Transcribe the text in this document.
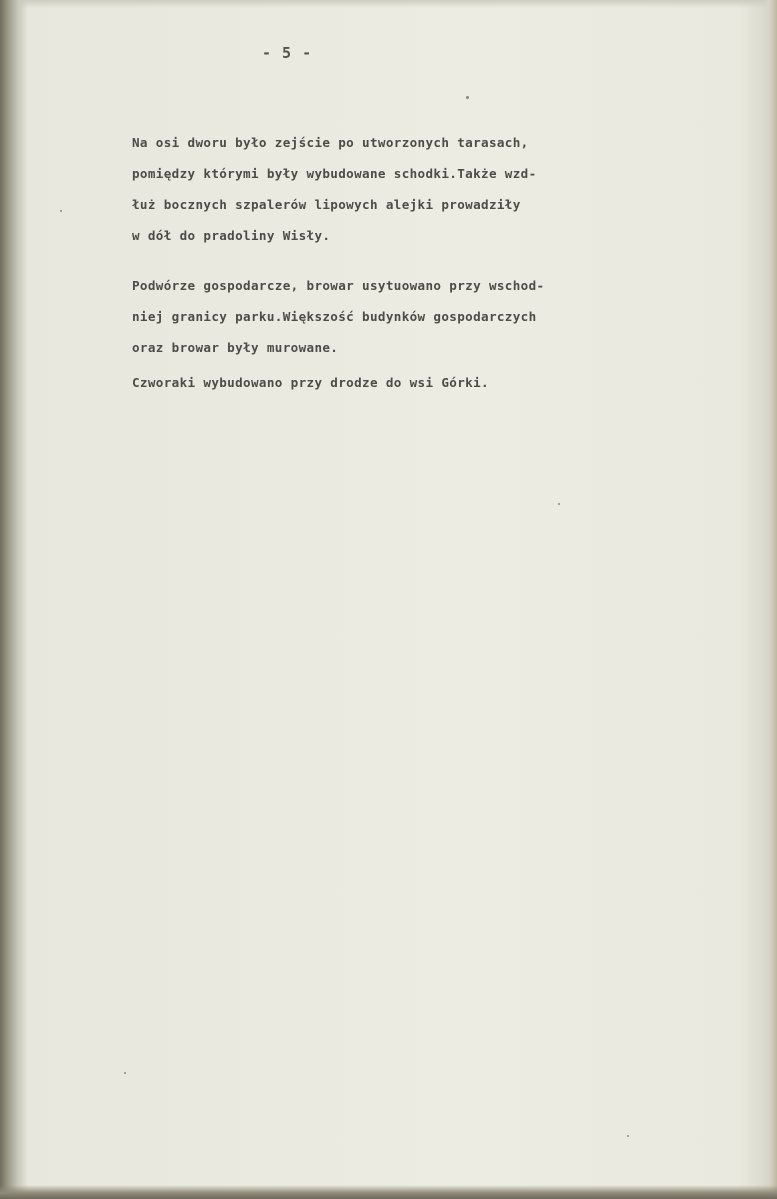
- 5 -

Na osi dworu było zejście po utworzonych tarasach,
pomiędzy którymi były wybudowane schodki.Także wzd-
łuż bocznych szpalerów lipowych alejki prowadziły
w dół do pradoliny Wisły.

Podwórze gospodarcze, browar usytuowano przy wschod-
niej granicy parku.Większość budynków gospodarczych
oraz browar były murowane.

Czworaki wybudowano przy drodze do wsi Górki.
